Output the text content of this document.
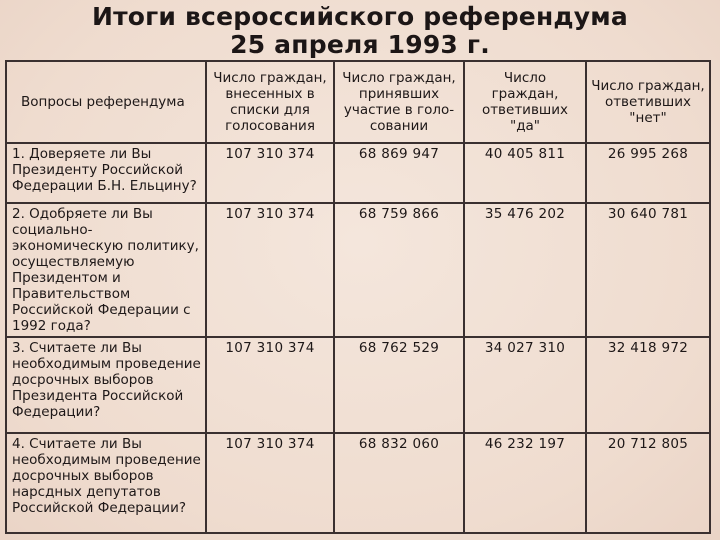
Итоги всероссийского референдума
25 апреля 1993 г.
Вопросы референдума	Число граждан, внесенных в списки для голосования	Число граждан, принявших участие в голо-совании	Число граждан, ответивших "да"	Число граждан, ответивших "нет"
1. Доверяете ли Вы Президенту Российской Федерации Б.Н. Ельцину?	107 310 374	68 869 947	40 405 811	26 995 268
2. Одобряете ли Вы социально-экономическую политику, осуществляемую Президентом и Правительством Российской Федерации с 1992 года?	107 310 374	68 759 866	35 476 202	30 640 781
3. Считаете ли Вы необходимым проведение досрочных выборов Президента Российской Федерации?	107 310 374	68 762 529	34 027 310	32 418 972
4. Считаете ли Вы необходимым проведение досрочных выборов нарсдных депутатов Российской Федерации?	107 310 374	68 832 060	46 232 197	20 712 805
